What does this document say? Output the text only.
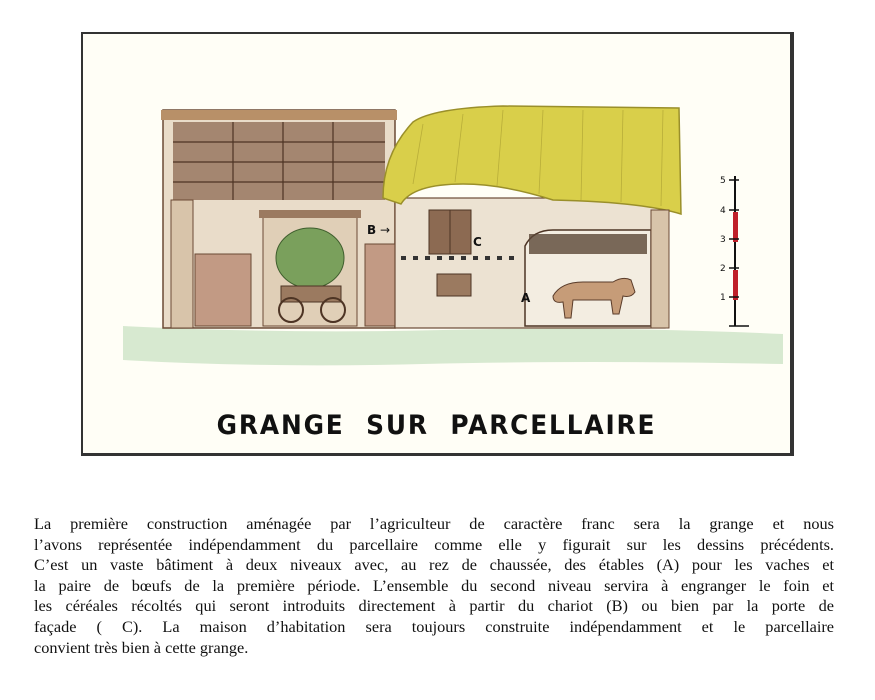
5
4
3
2
1
B
C
A
→
GRANGE SUR PARCELLAIRE
La première construction aménagée par l’agriculteur de caractère franc sera la grange et nous
l’avons représentée indépendamment du parcellaire comme elle y figurait sur les dessins précédents.
C’est un vaste bâtiment à deux niveaux avec, au rez de chaussée, des étables (A) pour les vaches et
la paire de bœufs de la première période. L’ensemble du second niveau servira à engranger le foin et
les céréales récoltés qui seront introduits directement à partir du chariot (B) ou bien par la porte de
façade ( C). La maison d’habitation sera toujours construite indépendamment et le parcellaire
convient très bien à cette grange.
